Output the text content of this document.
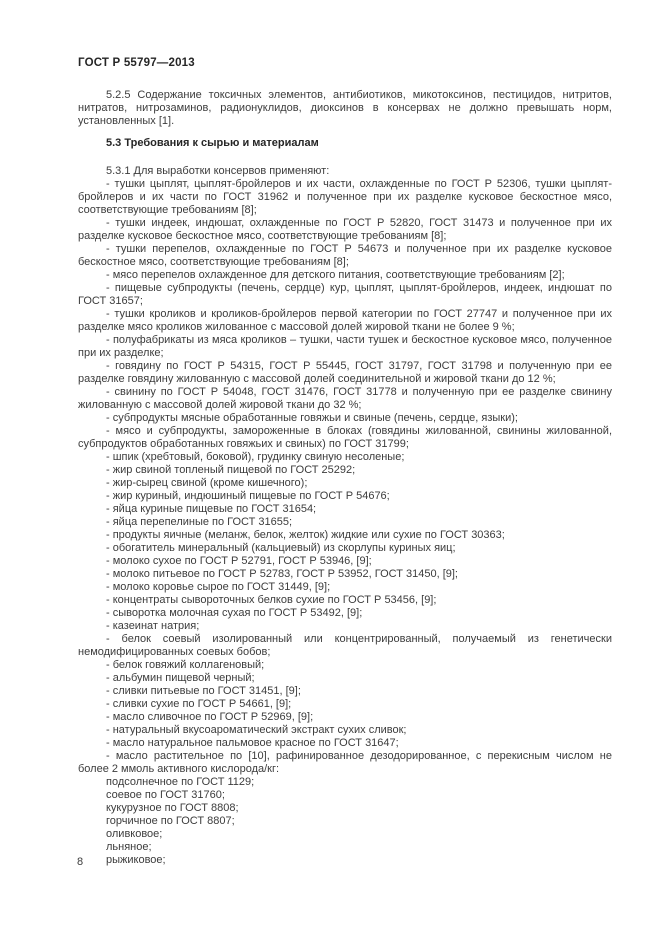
ГОСТ Р 55797—2013

5.2.5 Содержание токсичных элементов, антибиотиков, микотоксинов, пестицидов, нитритов, нитратов, нитрозаминов, радионуклидов, диоксинов в консервах не должно превышать норм, установленных [1].

5.3 Требования к сырью и материалам

5.3.1 Для выработки консервов применяют:

- тушки цыплят, цыплят-бройлеров и их части, охлажденные по ГОСТ Р 52306, тушки цыплят-бройлеров и их части по ГОСТ 31962 и полученное при их разделке кусковое бескостное мясо, соответствующие требованиям [8];

- тушки индеек, индюшат, охлажденные по ГОСТ Р 52820, ГОСТ 31473 и полученное при их разделке кусковое бескостное мясо, соответствующие требованиям [8];

- тушки перепелов, охлажденные по ГОСТ Р 54673 и полученное при их разделке кусковое бескостное мясо, соответствующие требованиям [8];

- мясо перепелов охлажденное для детского питания, соответствующие требованиям [2];

- пищевые субпродукты (печень, сердце) кур, цыплят, цыплят-бройлеров, индеек, индюшат по ГОСТ 31657;

- тушки кроликов и кроликов-бройлеров первой категории по ГОСТ 27747 и полученное при их разделке мясо кроликов жилованное с массовой долей жировой ткани не более 9 %;

- полуфабрикаты из мяса кроликов – тушки, части тушек и бескостное кусковое мясо, полученное при их разделке;

- говядину по ГОСТ Р 54315, ГОСТ Р 55445, ГОСТ 31797, ГОСТ 31798 и полученную при ее разделке говядину жилованную с массовой долей соединительной и жировой ткани до 12 %;

- свинину по ГОСТ Р 54048, ГОСТ 31476, ГОСТ 31778 и полученную при ее разделке свинину жилованную с массовой долей жировой ткани до 32 %;

- субпродукты мясные обработанные говяжьи и свиные (печень, сердце, языки);

- мясо и субпродукты, замороженные в блоках (говядины жилованной, свинины жилованной, субпродуктов обработанных говяжьих и свиных) по ГОСТ 31799;

- шпик (хребтовый, боковой), грудинку свиную несоленые;

- жир свиной топленый пищевой по ГОСТ 25292;

- жир-сырец свиной (кроме кишечного);

- жир куриный, индюшиный пищевые по ГОСТ Р 54676;

- яйца куриные пищевые по ГОСТ 31654;

- яйца перепелиные по ГОСТ 31655;

- продукты яичные (меланж, белок, желток) жидкие или сухие по ГОСТ 30363;

- обогатитель минеральный (кальциевый) из скорлупы куриных яиц;

- молоко сухое по ГОСТ Р 52791, ГОСТ Р 53946, [9];

- молоко питьевое по ГОСТ Р 52783, ГОСТ Р 53952, ГОСТ 31450, [9];

- молоко коровье сырое по ГОСТ 31449, [9];

- концентраты сывороточных белков сухие по ГОСТ Р 53456, [9];

- сыворотка молочная сухая по ГОСТ Р 53492, [9];

- казеинат натрия;

- белок соевый изолированный или концентрированный, получаемый из генетически немодифицированных соевых бобов;

- белок говяжий коллагеновый;

- альбумин пищевой черный;

- сливки питьевые по ГОСТ 31451, [9];

- сливки сухие по ГОСТ Р 54661, [9];

- масло сливочное по ГОСТ Р 52969, [9];

- натуральный вкусоароматический экстракт сухих сливок;

- масло натуральное пальмовое красное по ГОСТ 31647;

- масло растительное по [10], рафинированное дезодорированное, с перекисным числом не более 2 ммоль активного кислорода/кг:

подсолнечное по ГОСТ 1129;

соевое по ГОСТ 31760;

кукурузное по ГОСТ 8808;

горчичное по ГОСТ 8807;

оливковое;

льняное;

рыжиковое;

8
